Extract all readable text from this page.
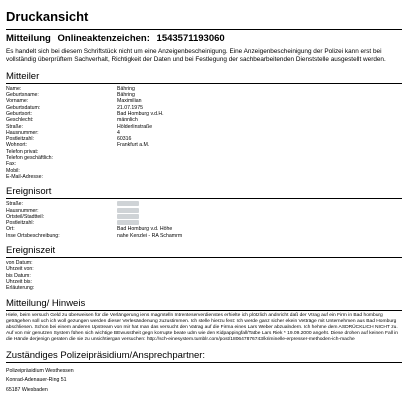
Druckansicht
Mitteilung Onlineaktenzeichen: 1543571193060
Es handelt sich bei diesem Schriftstück nicht um eine Anzeigenbescheinigung. Eine Anzeigenbescheinigung der Polizei kann erst bei vollständig überprüftem Sachverhalt, Richtigkeit der Daten und bei Festlegung der sachbearbeitenden Dienststelle ausgestellt werden.
Mitteiler
Name:	Bähring
Geburtsname:	Bähring
Vorname:	Maximilian
Geburtsdatum:	21.07.1975
Geburtsort:	Bad Homburg v.d.H.
Geschlecht:	männlich
Straße:	Hölderlinstraße
Hausnummer:	4
Postleitzahl:	60316
Wohnort:	Frankfurt a.M.
Telefon privat:	
Telefon geschäftlich:	
Fax:	
Mobil:	
E-Mail-Adresse:	
Ereignisort
Straße:	
Hausnummer:	
Ortsteil/Stadtteil:	
Postleitzahl:	
Ort:	Bad Homburg v.d. Höhe
Inse Ortsbeschreibung:	nahe Kenzlei - RA Schamrm
Ereigniszeit
von Datum:	
Uhrzeit von:	
bis Datum:	
Uhrzeit bis:	
Erläuterung:	
Mitteilung/ Hinweis
Hiele, beim versuch Geld zu überweisen für die Verlängerung iens magmtelln Intrenteserverdienstes erhielte ich plötzlich andnricht daß der Vtrag auf ein Firm in Bad homburg geträgehen soll uch ich woll gezungen werden dieser Verlesändenung zuzustimmen. Ich stelle hierzu fest: Ich werde ganz sicher ekein Vetträge mit Unternehmen aus Bad Homburg abschliesen. Schon bei einem anderen Upstream von mir hat man das versucht den Vatrag auf die Firma eines Lars Weber abzualndern. Ich hehme dem ASDRÜCKLICH NICHT zu. Auf von mir genutzen System fühen sich wichtige BEwusstheit gegn korrupte beate udm wie den Kidpappingfall/Tatbe Lars Riek * 19.09.2000 angeht. Diese drohen auf keinen Fall in die Hände derjenign geraten die sie zu unsichtiergan versuchen: http://sch-einesystem.tumblr.com/post/180647876743/kriminelle-erpresser-methoden-ich-mache
Zuständiges Polizeipräsidium/Ansprechpartner:
Polizeipräsidium Westhessen
Konrad-Adenauer-Ring 51
65187 Wiesbaden
